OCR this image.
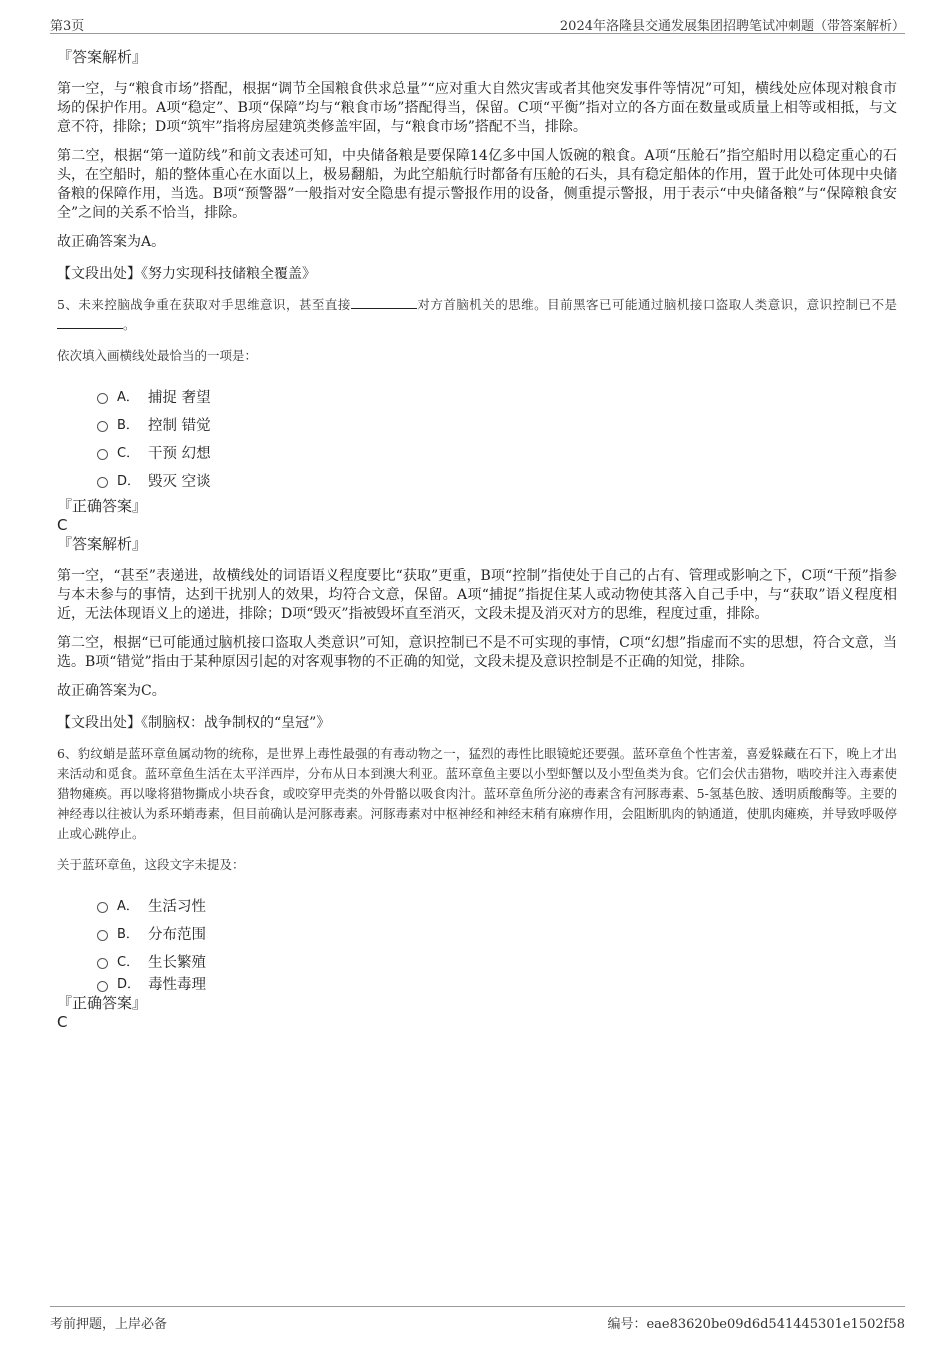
第3页	2024年洛隆县交通发展集团招聘笔试冲刺题（带答案解析）

『答案解析』

第一空，与“粮食市场”搭配，根据“调节全国粮食供求总量”“应对重大自然灾害或者其他突发事件等情况”可知，横线处应体现对粮食市场的保护作用。A项“稳定”、B项“保障”均与“粮食市场”搭配得当，保留。C项“平衡”指对立的各方面在数量或质量上相等或相抵，与文意不符，排除；D项“筑牢”指将房屋建筑类修盖牢固，与“粮食市场”搭配不当，排除。

第二空，根据“第一道防线”和前文表述可知，中央储备粮是要保障14亿多中国人饭碗的粮食。A项“压舱石”指空船时用以稳定重心的石头，在空船时，船的整体重心在水面以上，极易翻船，为此空船航行时都备有压舱的石头，具有稳定船体的作用，置于此处可体现中央储备粮的保障作用，当选。B项“预警器”一般指对安全隐患有提示警报作用的设备，侧重提示警报，用于表示“中央储备粮”与“保障粮食安全”之间的关系不恰当，排除。

故正确答案为A。

【文段出处】《努力实现科技储粮全覆盖》

5、未来控脑战争重在获取对手思维意识，甚至直接	对方首脑机关的思维。目前黑客已可能通过脑机接口盗取人类意识，意识控制已不是。

依次填入画横线处最恰当的一项是：

A． 捕捉 奢望
B． 控制 错觉
C． 干预 幻想
D． 毁灭 空谈

『正确答案』

C

『答案解析』

第一空，“甚至”表递进，故横线处的词语语义程度要比“获取”更重，B项“控制”指使处于自己的占有、管理或影响之下，C项“干预”指参与本未参与的事情，达到干扰别人的效果，均符合文意，保留。A项“捕捉”指捉住某人或动物使其落入自己手中，与“获取”语义程度相近，无法体现语义上的递进，排除；D项“毁灭”指被毁坏直至消灭，文段未提及消灭对方的思维，程度过重，排除。

第二空，根据“已可能通过脑机接口盗取人类意识”可知，意识控制已不是不可实现的事情，C项“幻想”指虚而不实的思想，符合文意，当选。B项“错觉”指由于某种原因引起的对客观事物的不正确的知觉，文段未提及意识控制是不正确的知觉，排除。

故正确答案为C。

【文段出处】《制脑权：战争制权的“皇冠”》

6、豹纹蛸是蓝环章鱼属动物的统称，是世界上毒性最强的有毒动物之一，猛烈的毒性比眼镜蛇还要强。蓝环章鱼个性害羞，喜爱躲藏在石下，晚上才出来活动和觅食。蓝环章鱼生活在太平洋西岸，分布从日本到澳大利亚。蓝环章鱼主要以小型虾蟹以及小型鱼类为食。它们会伏击猎物，啮咬并注入毒素使猎物瘫痪。再以喙将猎物撕成小块吞食，或咬穿甲壳类的外骨骼以吸食肉汁。蓝环章鱼所分泌的毒素含有河豚毒素、5-氢基色胺、透明质酸酶等。主要的神经毒以往被认为系环蛸毒素，但目前确认是河豚毒素。河豚毒素对中枢神经和神经末稍有麻痹作用，会阻断肌肉的钠通道，使肌肉瘫痪，并导致呼吸停止或心跳停止。

关于蓝环章鱼，这段文字未提及：

A． 生活习性
B． 分布范围
C． 生长繁殖
D． 毒性毒理

『正确答案』

C

考前押题，上岸必备	编号：eae83620be09d6d541445301e1502f58
